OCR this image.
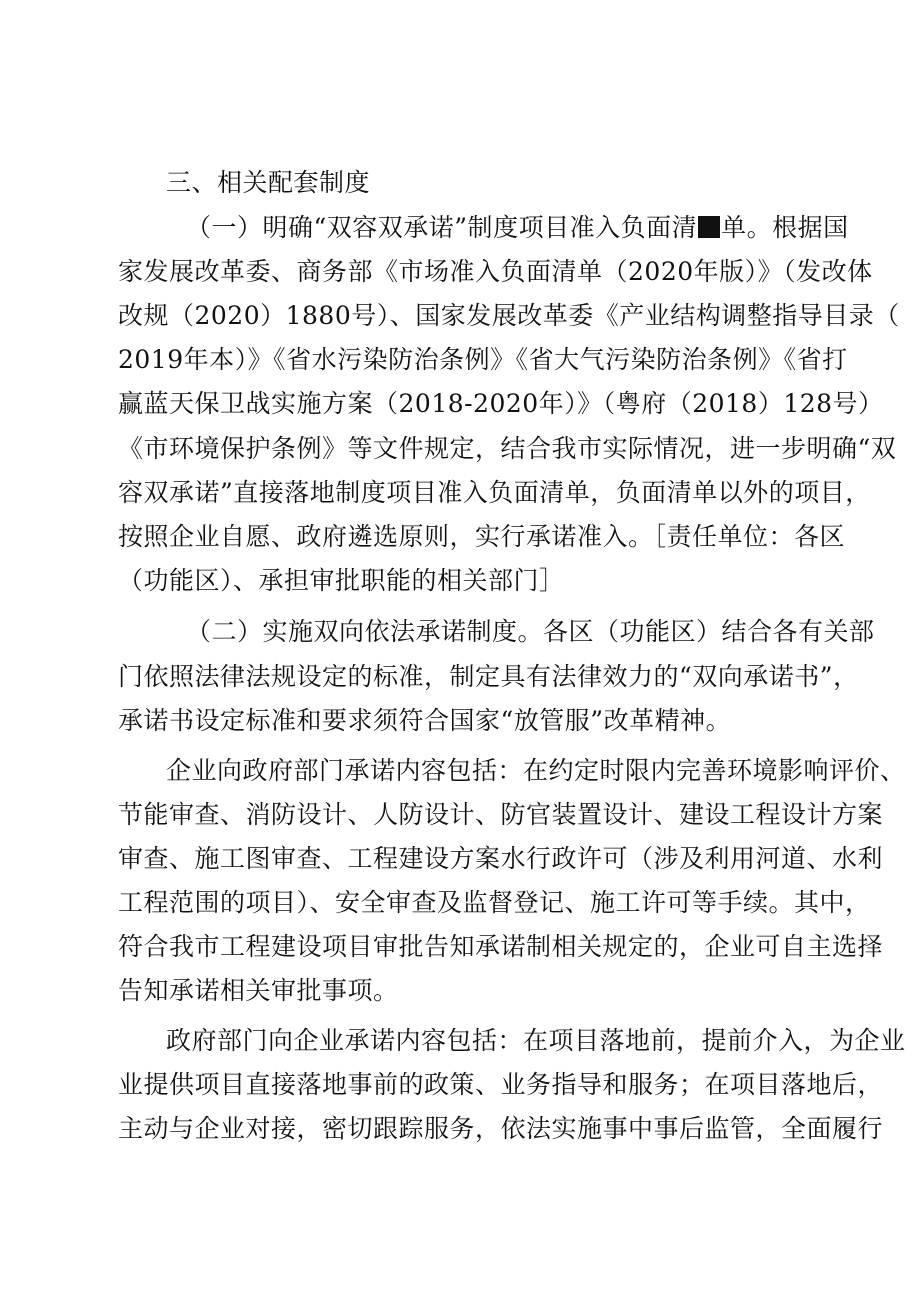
三、相关配套制度
（一）明确“双容双承诺”制度项目准入负面清 单。根据国
家发展改革委、商务部《市场准入负面清单（2020年版）》（发改体
改规（2020）1880号）、国家发展改革委《产业结构调整指导目录（
2019年本）》《省水污染防治条例》《省大气污染防治条例》《省打
赢蓝天保卫战实施方案（2018-2020年）》（粤府（2018）128号）
《市环境保护条例》等文件规定，结合我市实际情况，进一步明确“双
容双承诺”直接落地制度项目准入负面清单，负面清单以外的项目，
按照企业自愿、政府遴选原则，实行承诺准入。［责任单位：各区
（功能区）、承担审批职能的相关部门］
（二）实施双向依法承诺制度。各区（功能区）结合各有关部
门依照法律法规设定的标准，制定具有法律效力的“双向承诺书”，
承诺书设定标准和要求须符合国家“放管服”改革精神。
企业向政府部门承诺内容包括：在约定时限内完善环境影响评价、
节能审查、消防设计、人防设计、防官装置设计、建设工程设计方案
审查、施工图审查、工程建设方案水行政许可（涉及利用河道、水利
工程范围的项目）、安全审查及监督登记、施工许可等手续。其中，
符合我市工程建设项目审批告知承诺制相关规定的，企业可自主选择
告知承诺相关审批事项。
政府部门向企业承诺内容包括：在项目落地前，提前介入，为企业
业提供项目直接落地事前的政策、业务指导和服务；在项目落地后，
主动与企业对接，密切跟踪服务，依法实施事中事后监管，全面履行
